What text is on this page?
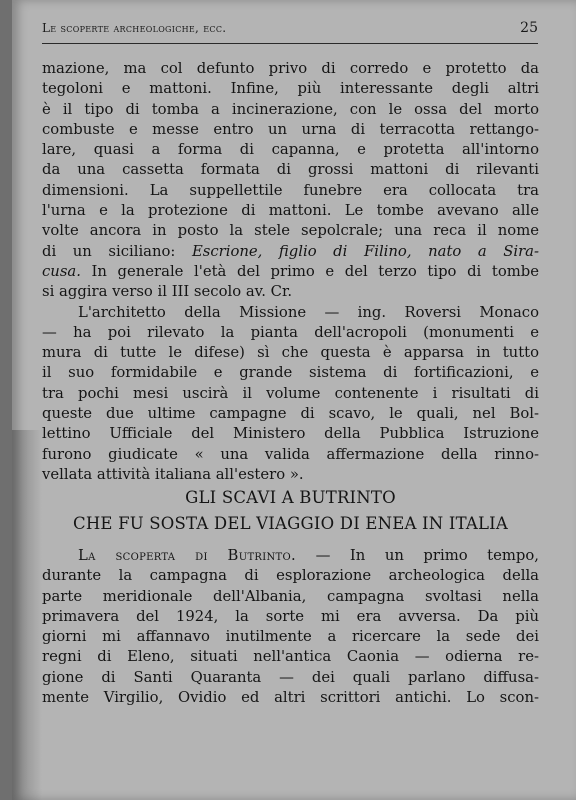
Le scoperte archeologiche, ecc.	25
mazione, ma col defunto privo di corredo e protetto da
tegoloni e mattoni. Infine, più interessante degli altri
è il tipo di tomba a incinerazione, con le ossa del morto
combuste e messe entro un urna di terracotta rettango-
lare, quasi a forma di capanna, e protetta all'intorno
da una cassetta formata di grossi mattoni di rilevanti
dimensioni. La suppellettile funebre era collocata tra
l'urna e la protezione di mattoni. Le tombe avevano alle
volte ancora in posto la stele sepolcrale; una reca il nome
di un siciliano: Escrione, figlio di Filino, nato a Sira-
cusa. In generale l'età del primo e del terzo tipo di tombe
si aggira verso il III secolo av. Cr.
L'architetto della Missione — ing. Roversi Monaco
— ha poi rilevato la pianta dell'acropoli (monumenti e
mura di tutte le difese) sì che questa è apparsa in tutto
il suo formidabile e grande sistema di fortificazioni, e
tra pochi mesi uscirà il volume contenente i risultati di
queste due ultime campagne di scavo, le quali, nel Bol-
lettino Ufficiale del Ministero della Pubblica Istruzione
furono giudicate « una valida affermazione della rinno-
vellata attività italiana all'estero ».
GLI SCAVI A BUTRINTO
CHE FU SOSTA DEL VIAGGIO DI ENEA IN ITALIA
La scoperta di Butrinto. — In un primo tempo,
durante la campagna di esplorazione archeologica della
parte meridionale dell'Albania, campagna svoltasi nella
primavera del 1924, la sorte mi era avversa. Da più
giorni mi affannavo inutilmente a ricercare la sede dei
regni di Eleno, situati nell'antica Caonia — odierna re-
gione di Santi Quaranta — dei quali parlano diffusa-
mente Virgilio, Ovidio ed altri scrittori antichi. Lo scon-
